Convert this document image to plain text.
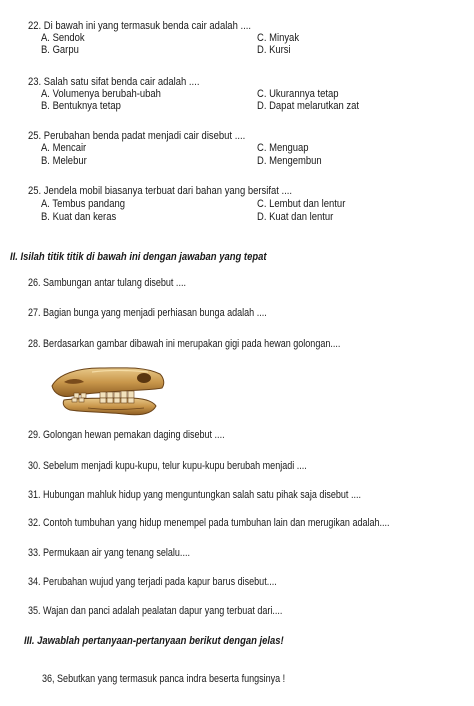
22. Di bawah ini yang termasuk benda cair adalah ....
A. Sendok	C. Minyak
B. Garpu	D. Kursi
23. Salah satu sifat benda cair adalah ....
A. Volumenya berubah-ubah	C. Ukurannya tetap
B. Bentuknya tetap	D. Dapat melarutkan zat
25. Perubahan benda padat menjadi cair disebut ....
A. Mencair	C. Menguap
B. Melebur	D. Mengembun
25. Jendela mobil biasanya terbuat dari bahan yang bersifat ....
A. Tembus pandang	C. Lembut dan lentur
B. Kuat dan keras	D. Kuat dan lentur
II. Isilah titik titik di bawah ini dengan jawaban yang tepat
26. Sambungan antar tulang disebut ....
27. Bagian bunga yang menjadi perhiasan bunga adalah ....
28. Berdasarkan gambar dibawah ini merupakan gigi pada hewan golongan....
29. Golongan hewan pemakan daging disebut ....
30. Sebelum menjadi kupu-kupu, telur kupu-kupu berubah menjadi ....
31. Hubungan mahluk hidup yang menguntungkan salah satu pihak saja disebut ....
32. Contoh tumbuhan yang hidup menempel pada tumbuhan lain dan merugikan adalah....
33. Permukaan air yang tenang selalu....
34. Perubahan wujud yang terjadi pada kapur barus disebut....
35. Wajan dan panci adalah pealatan dapur yang terbuat dari....
III. Jawablah pertanyaan-pertanyaan berikut dengan jelas!
36, Sebutkan yang termasuk panca indra beserta fungsinya !
